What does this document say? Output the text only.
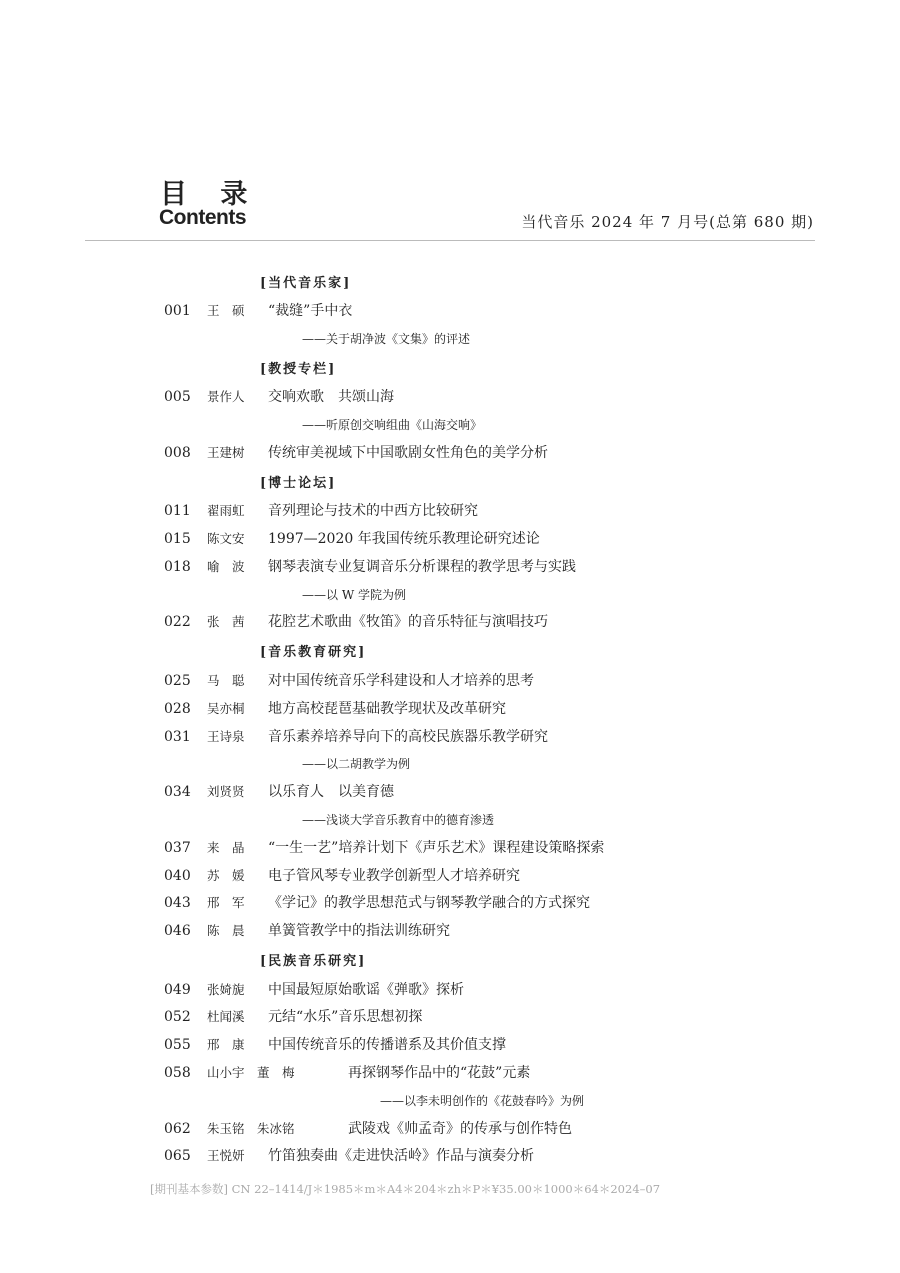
目 录
Contents	当代音乐 2024 年 7 月号(总第 680 期)
[当代音乐家]
001 王　硕 “裁缝”手中衣
——关于胡净波《文集》的评述
[教授专栏]
005 景作人 交响欢歌　共颂山海
——听原创交响组曲《山海交响》
008 王建树 传统审美视域下中国歌剧女性角色的美学分析
[博士论坛]
011 翟雨虹 音列理论与技术的中西方比较研究
015 陈文安 1997—2020 年我国传统乐教理论研究述论
018 喻　波 钢琴表演专业复调音乐分析课程的教学思考与实践
——以 W 学院为例
022 张　茜 花腔艺术歌曲《牧笛》的音乐特征与演唱技巧
[音乐教育研究]
025 马　聪 对中国传统音乐学科建设和人才培养的思考
028 吴亦桐 地方高校琵琶基础教学现状及改革研究
031 王诗泉 音乐素养培养导向下的高校民族器乐教学研究
——以二胡教学为例
034 刘贤贤 以乐育人　以美育德
——浅谈大学音乐教育中的德育渗透
037 来　晶 “一生一艺”培养计划下《声乐艺术》课程建设策略探索
040 苏　媛 电子管风琴专业教学创新型人才培养研究
043 邢　军 《学记》的教学思想范式与钢琴教学融合的方式探究
046 陈　晨 单簧管教学中的指法训练研究
[民族音乐研究]
049 张婍旎 中国最短原始歌谣《弹歌》探析
052 杜闻溪 元结“水乐”音乐思想初探
055 邢　康 中国传统音乐的传播谱系及其价值支撑
058 山小宇　董　梅	再探钢琴作品中的“花鼓”元素
——以李未明创作的《花鼓春吟》为例
062 朱玉铭　朱冰铭	武陵戏《帅孟奇》的传承与创作特色
065 王悦妍 竹笛独奏曲《走进快活岭》作品与演奏分析
[期刊基本参数] CN 22–1414/J＊1985＊m＊A4＊204＊zh＊P＊¥35.00＊1000＊64＊2024–07
